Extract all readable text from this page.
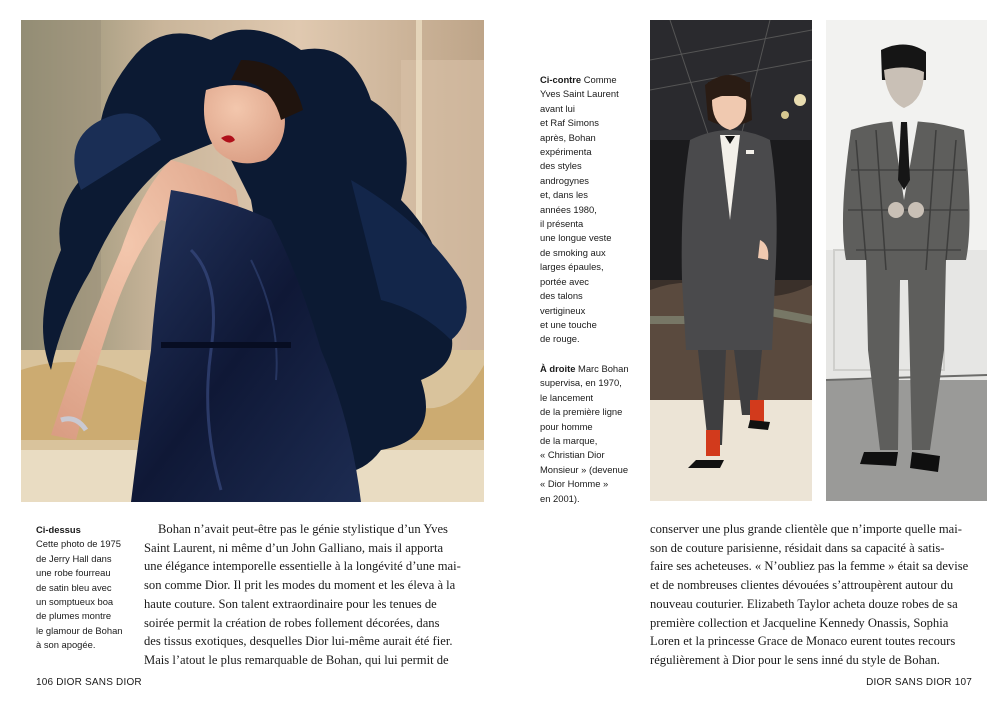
Ci-contre Comme
Yves Saint Laurent
avant lui
et Raf Simons
après, Bohan
expérimenta
des styles
androgynes
et, dans les
années 1980,
il présenta
une longue veste
de smoking aux
larges épaules,
portée avec
des talons
vertigineux
et une touche
de rouge.
À droite Marc Bohan
supervisa, en 1970,
le lancement
de la première ligne
pour homme
de la marque,
« Christian Dior
Monsieur » (devenue
« Dior Homme »
en 2001).
Ci-dessus
Cette photo de 1975
de Jerry Hall dans
une robe fourreau
de satin bleu avec
un somptueux boa
de plumes montre
le glamour de Bohan
à son apogée.
Bohan n’avait peut-être pas le génie stylistique d’un Yves
Saint Laurent, ni même d’un John Galliano, mais il apporta
une élégance intemporelle essentielle à la longévité d’une mai-
son comme Dior. Il prit les modes du moment et les éleva à la
haute couture. Son talent extraordinaire pour les tenues de
soirée permit la création de robes follement décorées, dans
des tissus exotiques, desquelles Dior lui-même aurait été fier.
Mais l’atout le plus remarquable de Bohan, qui lui permit de
conserver une plus grande clientèle que n’importe quelle mai-
son de couture parisienne, résidait dans sa capacité à satis-
faire ses acheteuses. « N’oubliez pas la femme » était sa devise
et de nombreuses clientes dévouées s’attroupèrent autour du
nouveau couturier. Elizabeth Taylor acheta douze robes de sa
première collection et Jacqueline Kennedy Onassis, Sophia
Loren et la princesse Grace de Monaco eurent toutes recours
régulièrement à Dior pour le sens inné du style de Bohan.
106 DIOR SANS DIOR	DIOR SANS DIOR 107
